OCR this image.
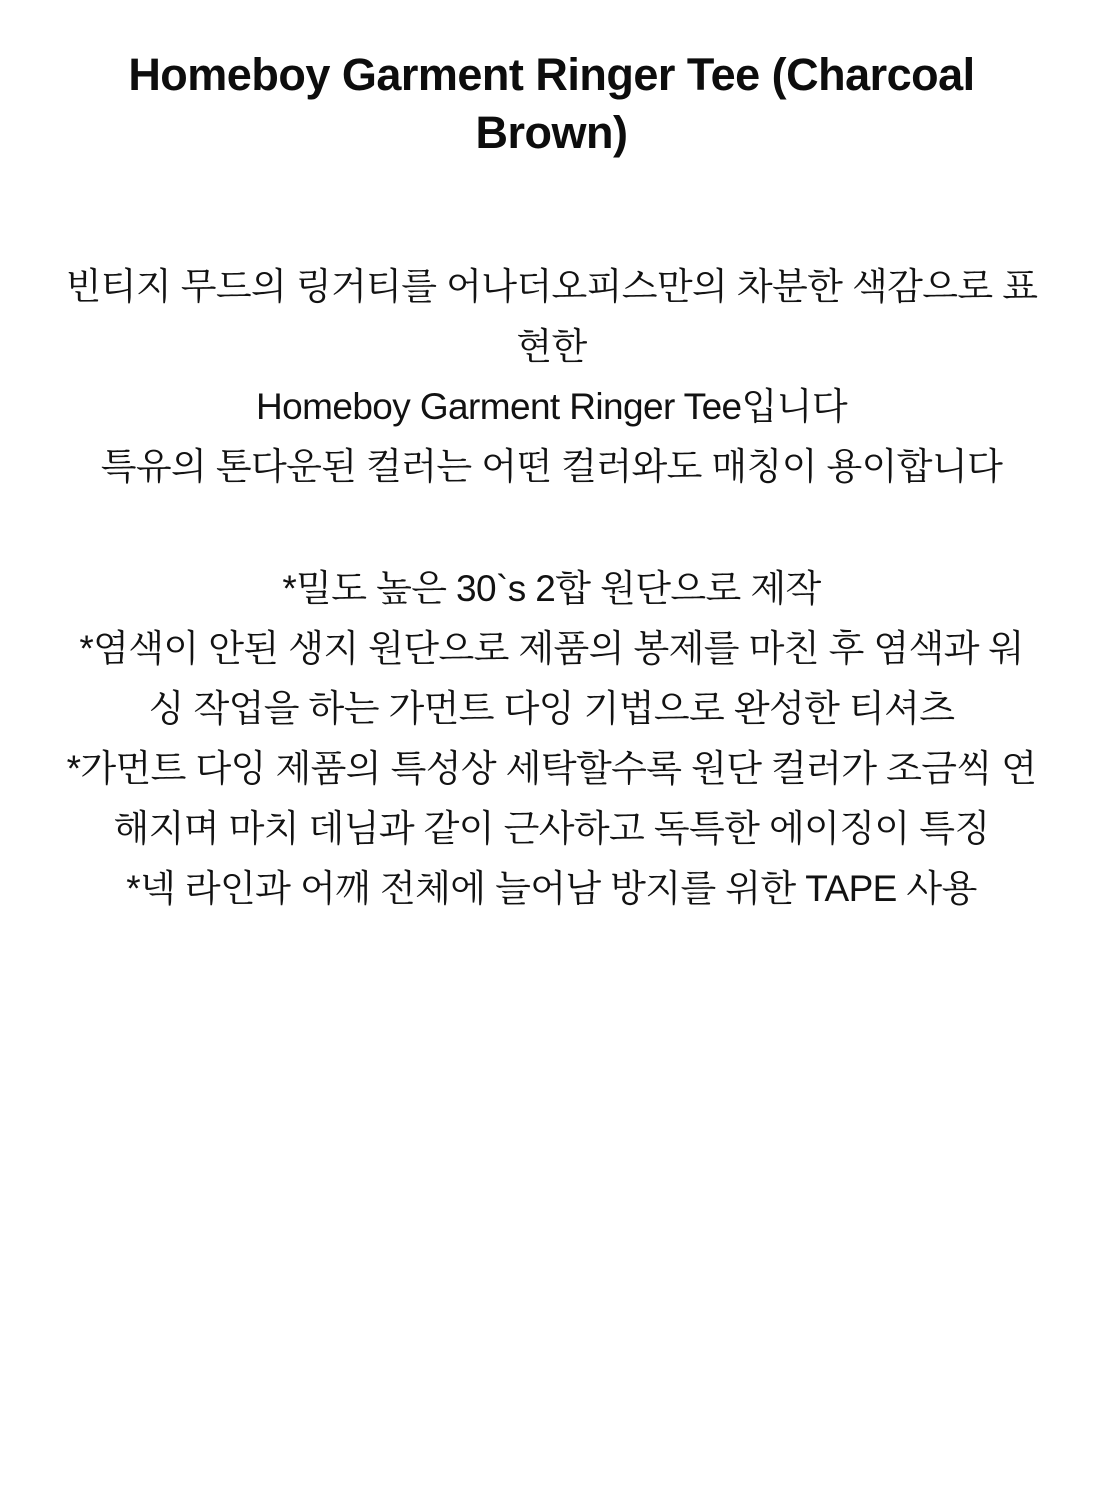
Homeboy Garment Ringer Tee (Charcoal Brown)

빈티지 무드의 링거티를 어나더오피스만의 차분한 색감으로 표현한

Homeboy Garment Ringer Tee입니다

특유의 톤다운된 컬러는 어떤 컬러와도 매칭이 용이합니다

*밀도 높은 30`s 2합 원단으로 제작

*염색이 안된 생지 원단으로 제품의 봉제를 마친 후 염색과 워싱 작업을 하는 가먼트 다잉 기법으로 완성한 티셔츠

*가먼트 다잉 제품의 특성상 세탁할수록 원단 컬러가 조금씩 연해지며 마치 데님과 같이 근사하고 독특한 에이징이 특징

*넥 라인과 어깨 전체에 늘어남 방지를 위한 TAPE 사용
